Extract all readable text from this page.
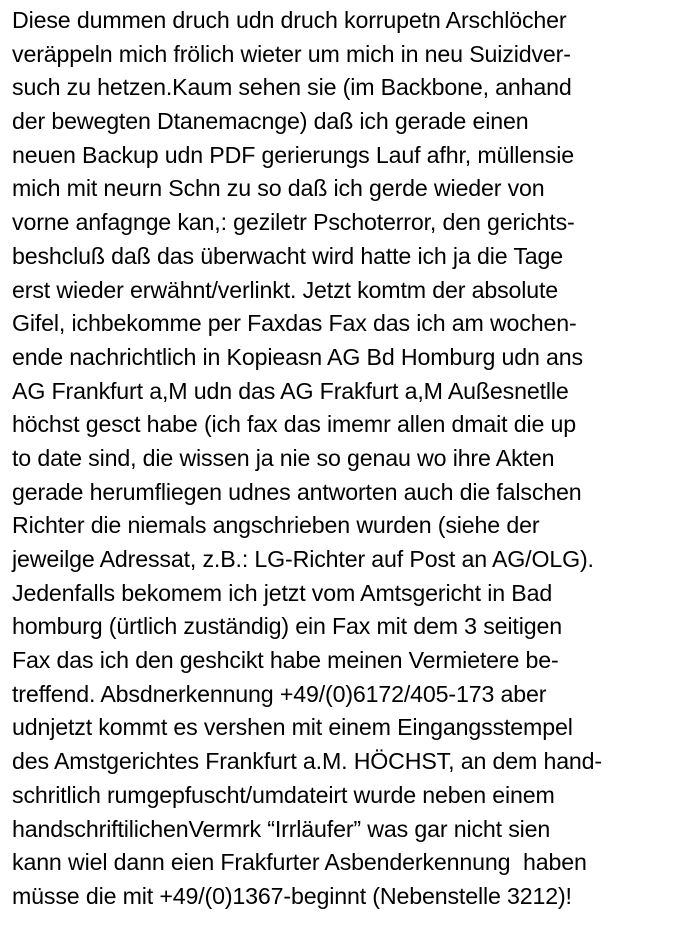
Diese dummen druch udn druch korrupetn Arschlöcher
veräppeln mich frölich wieter um mich in neu Suizidver-
such zu hetzen.Kaum sehen sie (im Backbone, anhand
der bewegten Dtanemacnge) daß ich gerade einen
neuen Backup udn PDF gerierungs Lauf afhr, müllensie
mich mit neurn Schn zu so daß ich gerde wieder von
vorne anfagnge kan,: geziletr Pschoterror, den gerichts-
beshcluß daß das überwacht wird hatte ich ja die Tage
erst wieder erwähnt/verlinkt. Jetzt komtm der absolute
Gifel, ichbekomme per Faxdas Fax das ich am wochen-
ende nachrichtlich in Kopieasn AG Bd Homburg udn ans
AG Frankfurt a,M udn das AG Frakfurt a,M Außesnetlle
höchst gesct habe (ich fax das imemr allen dmait die up
to date sind, die wissen ja nie so genau wo ihre Akten
gerade herumfliegen udnes antworten auch die falschen
Richter die niemals angschrieben wurden (siehe der
jeweilge Adressat, z.B.: LG-Richter auf Post an AG/OLG).
Jedenfalls bekomem ich jetzt vom Amtsgericht in Bad
homburg (ürtlich zuständig) ein Fax mit dem 3 seitigen
Fax das ich den geshcikt habe meinen Vermietere be-
treffend. Absdnerkennung +49/(0)6172/405-173 aber
udnjetzt kommt es vershen mit einem Eingangsstempel
des Amstgerichtes Frankfurt a.M. HÖCHST, an dem hand-
schritlich rumgepfuscht/umdateirt wurde neben einem
handschriftilichenVermrk “Irrläufer” was gar nicht sien
kann wiel dann eien Frakfurter Asbenderkennung  haben
müsse die mit +49/(0)1367-beginnt (Nebenstelle 3212)!
